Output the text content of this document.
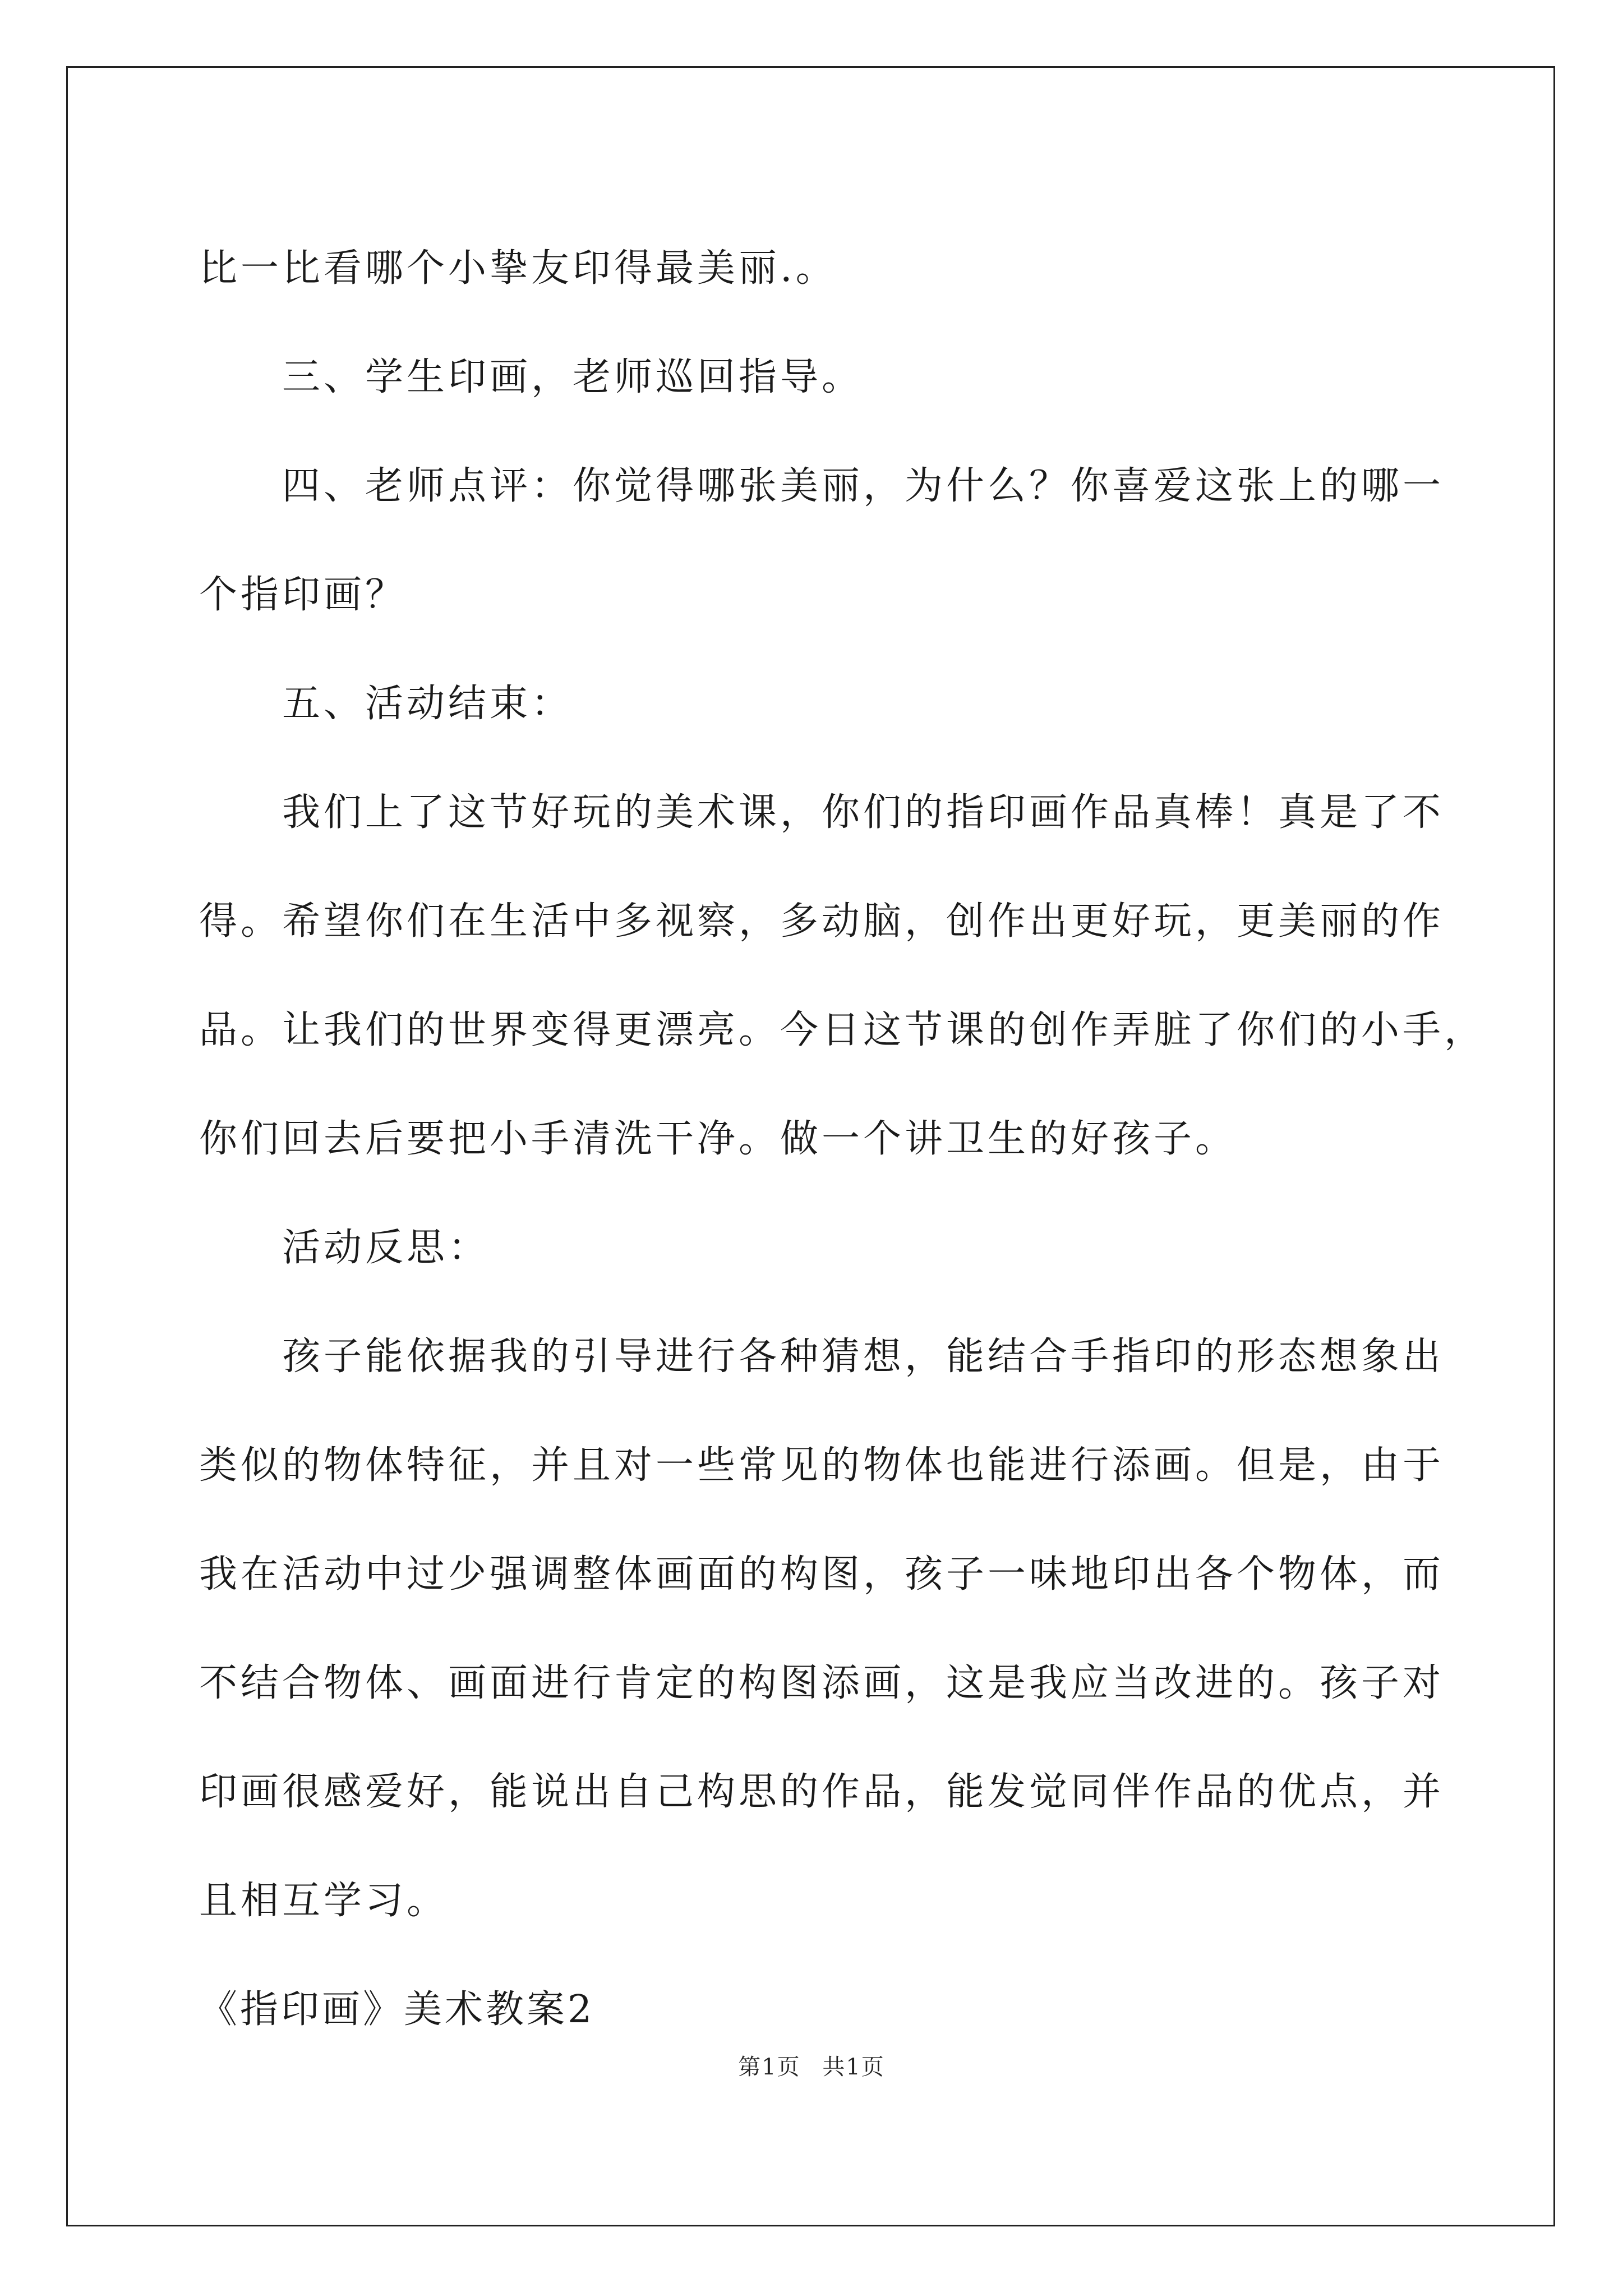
比一比看哪个小挚友印得最美丽.。
三、学生印画，老师巡回指导。
四、老师点评：你觉得哪张美丽，为什么？你喜爱这张上的哪一
个指印画？
五、活动结束：
我们上了这节好玩的美术课，你们的指印画作品真棒！真是了不
得。希望你们在生活中多视察，多动脑，创作出更好玩，更美丽的作
品。让我们的世界变得更漂亮。今日这节课的创作弄脏了你们的小手，
你们回去后要把小手清洗干净。做一个讲卫生的好孩子。
活动反思：
孩子能依据我的引导进行各种猜想，能结合手指印的形态想象出
类似的物体特征，并且对一些常见的物体也能进行添画。但是，由于
我在活动中过少强调整体画面的构图，孩子一味地印出各个物体，而
不结合物体、画面进行肯定的构图添画，这是我应当改进的。孩子对
印画很感爱好，能说出自己构思的作品，能发觉同伴作品的优点，并
且相互学习。
《指印画》美术教案2
第1页 共1页
